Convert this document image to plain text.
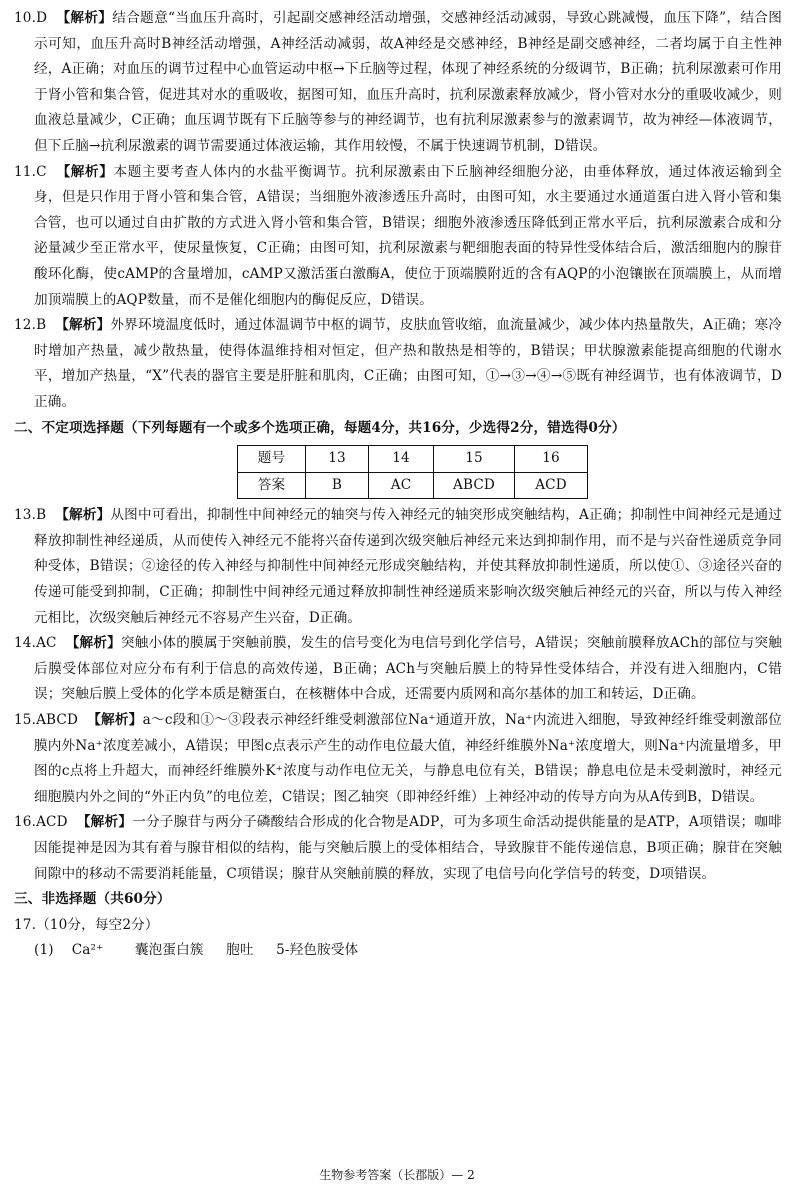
10.D 【解析】结合题意“当血压升高时，引起副交感神经活动增强，交感神经活动减弱，导致心跳减慢，血压下降”，结合图示可知，血压升高时B神经活动增强，A神经活动减弱，故A神经是交感神经，B神经是副交感神经，二者均属于自主性神经，A正确；对血压的调节过程中心血管运动中枢→下丘脑等过程，体现了神经系统的分级调节，B正确；抗利尿激素可作用于肾小管和集合管，促进其对水的重吸收，据图可知，血压升高时，抗利尿激素释放减少，肾小管对水分的重吸收减少，则血液总量减少，C正确；血压调节既有下丘脑等参与的神经调节，也有抗利尿激素参与的激素调节，故为神经—体液调节，但下丘脑→抗利尿激素的调节需要通过体液运输，其作用较慢，不属于快速调节机制，D错误。

11.C 【解析】本题主要考查人体内的水盐平衡调节。抗利尿激素由下丘脑神经细胞分泌，由垂体释放，通过体液运输到全身，但是只作用于肾小管和集合管，A错误；当细胞外液渗透压升高时，由图可知，水主要通过水通道蛋白进入肾小管和集合管，也可以通过自由扩散的方式进入肾小管和集合管，B错误；细胞外液渗透压降低到正常水平后，抗利尿激素合成和分泌量减少至正常水平，使尿量恢复，C正确；由图可知，抗利尿激素与靶细胞表面的特异性受体结合后，激活细胞内的腺苷酸环化酶，使cAMP的含量增加，cAMP又激活蛋白激酶A，使位于顶端膜附近的含有AQP的小泡镶嵌在顶端膜上，从而增加顶端膜上的AQP数量，而不是催化细胞内的酶促反应，D错误。

12.B 【解析】外界环境温度低时，通过体温调节中枢的调节，皮肤血管收缩，血流量减少，减少体内热量散失，A正确；寒冷时增加产热量，减少散热量，使得体温维持相对恒定，但产热和散热是相等的，B错误；甲状腺激素能提高细胞的代谢水平，增加产热量，“X”代表的器官主要是肝脏和肌肉，C正确；由图可知，①→③→④→⑤既有神经调节，也有体液调节，D正确。

二、不定项选择题（下列每题有一个或多个选项正确，每题4分，共16分，少选得2分，错选得0分）

题号	13	14	15	16
答案	B	AC	ABCD	ACD

13.B 【解析】从图中可看出，抑制性中间神经元的轴突与传入神经元的轴突形成突触结构，A正确；抑制性中间神经元是通过释放抑制性神经递质，从而使传入神经元不能将兴奋传递到次级突触后神经元来达到抑制作用，而不是与兴奋性递质竞争同种受体，B错误；②途径的传入神经与抑制性中间神经元形成突触结构，并使其释放抑制性递质，所以使①、③途径兴奋的传递可能受到抑制，C正确；抑制性中间神经元通过释放抑制性神经递质来影响次级突触后神经元的兴奋，所以与传入神经元相比，次级突触后神经元不容易产生兴奋，D正确。

14.AC 【解析】突触小体的膜属于突触前膜，发生的信号变化为电信号到化学信号，A错误；突触前膜释放ACh的部位与突触后膜受体部位对应分布有利于信息的高效传递，B正确；ACh与突触后膜上的特异性受体结合，并没有进入细胞内，C错误；突触后膜上受体的化学本质是糖蛋白，在核糖体中合成，还需要内质网和高尔基体的加工和转运，D正确。

15.ABCD 【解析】a～c段和①～③段表示神经纤维受刺激部位Na⁺通道开放，Na⁺内流进入细胞，导致神经纤维受刺激部位膜内外Na⁺浓度差减小，A错误；甲图c点表示产生的动作电位最大值，神经纤维膜外Na⁺浓度增大，则Na⁺内流量增多，甲图的c点将上升超大，而神经纤维膜外K⁺浓度与动作电位无关，与静息电位有关，B错误；静息电位是未受刺激时，神经元细胞膜内外之间的“外正内负”的电位差，C错误；图乙轴突（即神经纤维）上神经冲动的传导方向为从A传到B，D错误。

16.ACD 【解析】一分子腺苷与两分子磷酸结合形成的化合物是ADP，可为多项生命活动提供能量的是ATP，A项错误；咖啡因能提神是因为其有着与腺苷相似的结构，能与突触后膜上的受体相结合，导致腺苷不能传递信息，B项正确；腺苷在突触间隙中的移动不需要消耗能量，C项错误；腺苷从突触前膜的释放，实现了电信号向化学信号的转变，D项错误。

三、非选择题（共60分）

17.（10分，每空2分）

(1) Ca²⁺ 囊泡蛋白簇 胞吐 5-羟色胺受体

生物参考答案（长郡版）— 2
